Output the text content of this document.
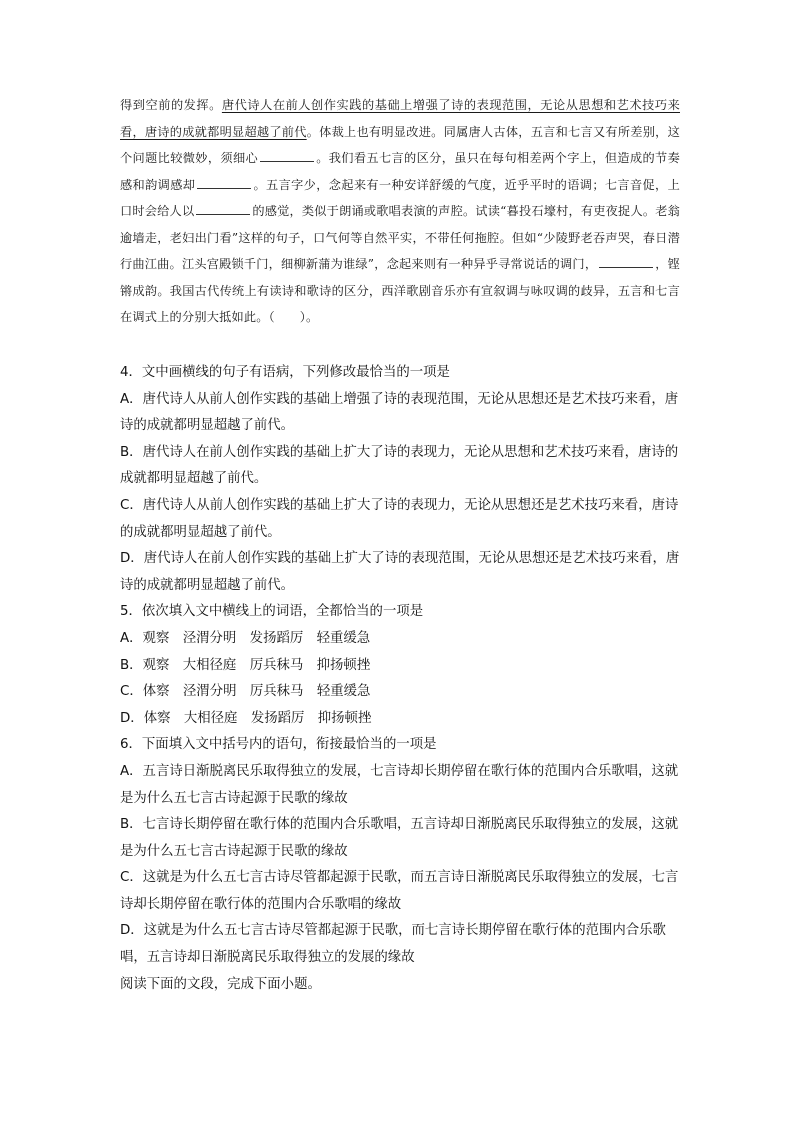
得到空前的发挥。唐代诗人在前人创作实践的基础上增强了诗的表现范围，无论从思想和艺术技巧来看，唐诗的成就都明显超越了前代。体裁上也有明显改进。同属唐人古体，五言和七言又有所差别，这个问题比较微妙，须细心	。我们看五七言的区分，虽只在每句相差两个字上，但造成的节奏感和韵调感却	。五言字少，念起来有一种安详舒缓的气度，近乎平时的语调；七言音促，上口时会给人以	的感觉，类似于朗诵或歌唱表演的声腔。试读“暮投石壕村，有吏夜捉人。老翁逾墙走，老妇出门看”这样的句子，口气何等自然平实，不带任何拖腔。但如“少陵野老吞声哭，春日潜行曲江曲。江头宫殿锁千门，细柳新蒲为谁绿”，念起来则有一种异乎寻常说话的调门，	，铿锵成韵。我国古代传统上有读诗和歌诗的区分，西洋歌剧音乐亦有宣叙调与咏叹调的歧异，五言和七言在调式上的分别大抵如此。（　　）。
4．文中画横线的句子有语病，下列修改最恰当的一项是
A．唐代诗人从前人创作实践的基础上增强了诗的表现范围，无论从思想还是艺术技巧来看，唐诗的成就都明显超越了前代。
B．唐代诗人在前人创作实践的基础上扩大了诗的表现力，无论从思想和艺术技巧来看，唐诗的成就都明显超越了前代。
C．唐代诗人从前人创作实践的基础上扩大了诗的表现力，无论从思想还是艺术技巧来看，唐诗的成就都明显超越了前代。
D．唐代诗人在前人创作实践的基础上扩大了诗的表现范围，无论从思想还是艺术技巧来看，唐诗的成就都明显超越了前代。
5．依次填入文中横线上的词语，全都恰当的一项是
A．观察　泾渭分明　发扬蹈厉　轻重缓急
B．观察　大相径庭　厉兵秣马　抑扬顿挫
C．体察　泾渭分明　厉兵秣马　轻重缓急
D．体察　大相径庭　发扬蹈厉　抑扬顿挫
6．下面填入文中括号内的语句，衔接最恰当的一项是
A．五言诗日渐脱离民乐取得独立的发展，七言诗却长期停留在歌行体的范围内合乐歌唱，这就是为什么五七言古诗起源于民歌的缘故
B．七言诗长期停留在歌行体的范围内合乐歌唱，五言诗却日渐脱离民乐取得独立的发展，这就是为什么五七言古诗起源于民歌的缘故
C．这就是为什么五七言古诗尽管都起源于民歌，而五言诗日渐脱离民乐取得独立的发展，七言诗却长期停留在歌行体的范围内合乐歌唱的缘故
D．这就是为什么五七言古诗尽管都起源于民歌，而七言诗长期停留在歌行体的范围内合乐歌唱，五言诗却日渐脱离民乐取得独立的发展的缘故
阅读下面的文段，完成下面小题。
